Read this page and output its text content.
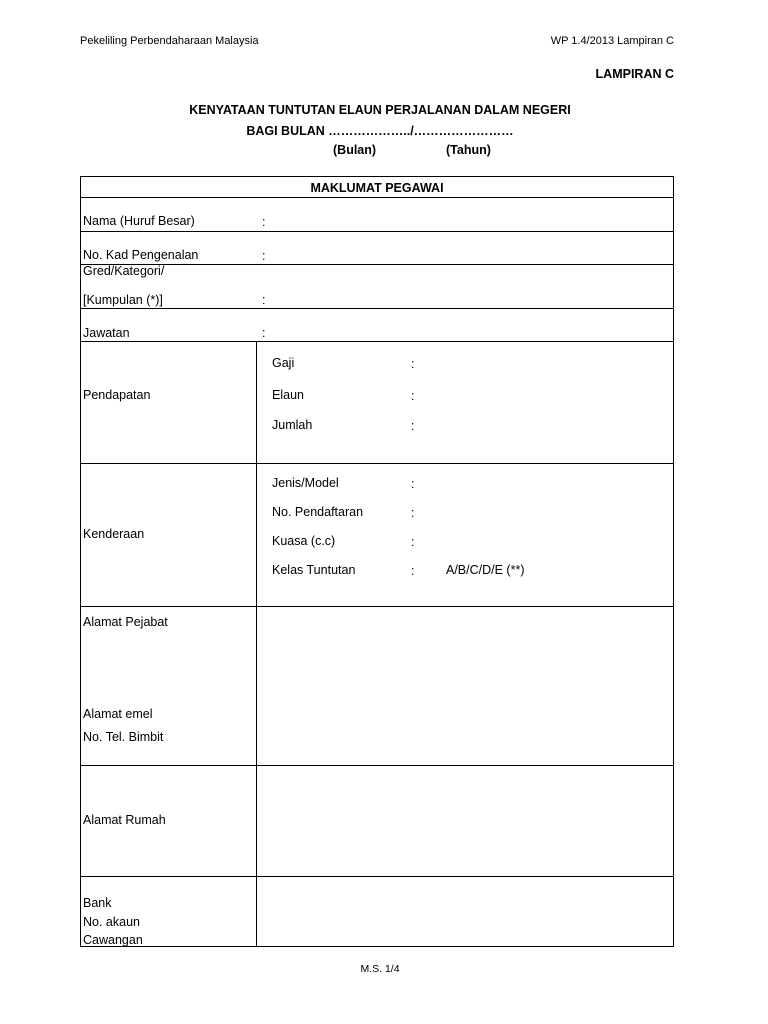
Pekeliling Perbendaharaan Malaysia	WP 1.4/2013 Lampiran C
LAMPIRAN C
KENYATAAN TUNTUTAN ELAUN PERJALANAN DALAM NEGERI
BAGI BULAN ………………../……………………
(Bulan)	(Tahun)
MAKLUMAT PEGAWAI
Nama (Huruf Besar)	:
No. Kad Pengenalan	:
Gred/Kategori/
[Kumpulan (*)]	:
Jawatan	:
Pendapatan
Gaji	:
Elaun	:
Jumlah	:
Kenderaan
Jenis/Model	:
No. Pendaftaran	:
Kuasa (c.c)	:
Kelas Tuntutan	:	A/B/C/D/E (**)
Alamat Pejabat
Alamat emel
No. Tel. Bimbit
Alamat Rumah
Bank
No. akaun
Cawangan
M.S. 1/4
